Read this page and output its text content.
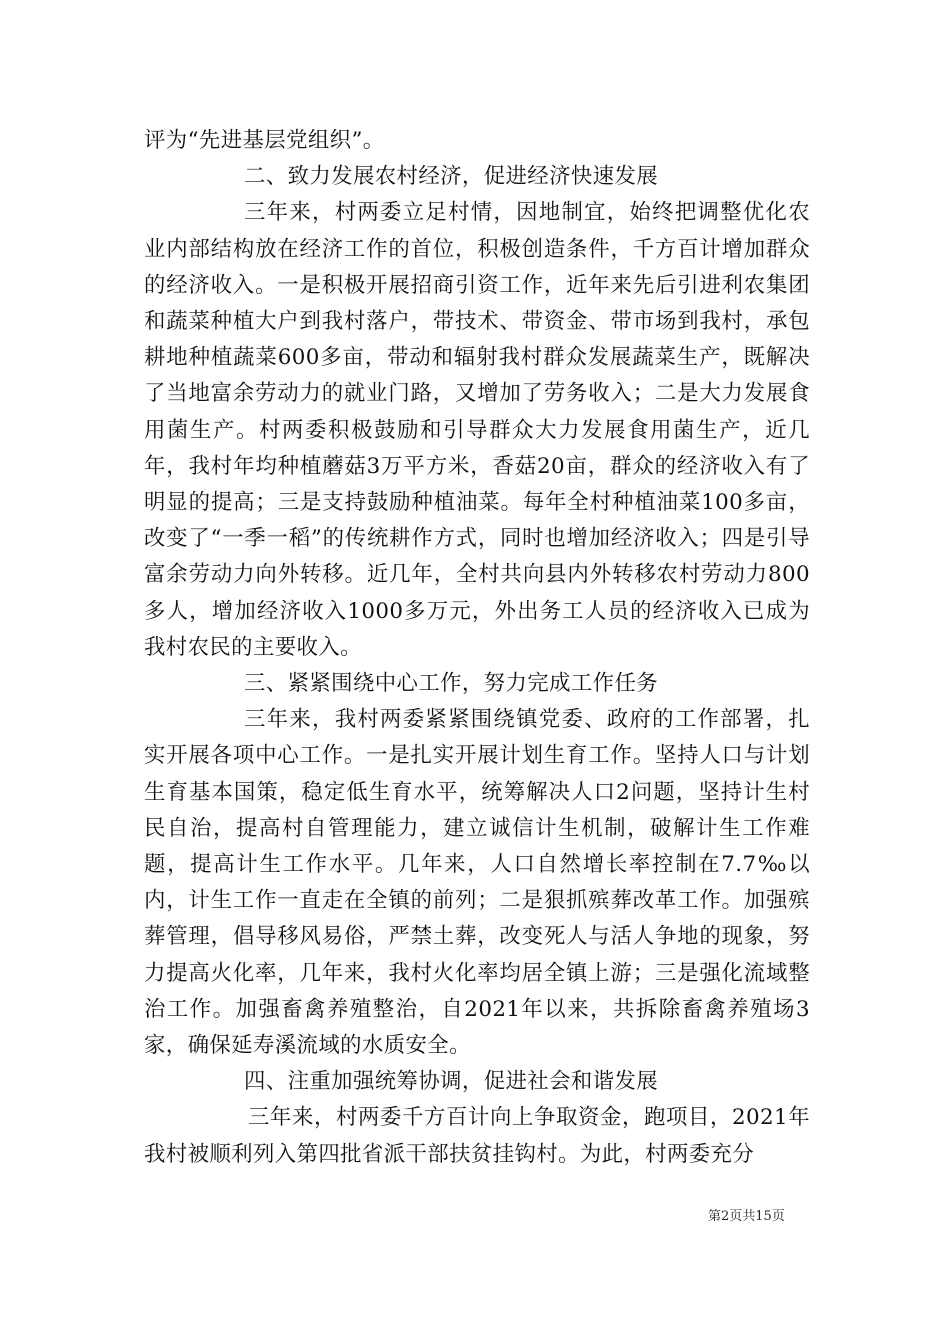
评为“先进基层党组织”。

二、致力发展农村经济，促进经济快速发展

三年来，村两委立足村情，因地制宜，始终把调整优化农业内部结构放在经济工作的首位，积极创造条件，千方百计增加群众的经济收入。一是积极开展招商引资工作，近年来先后引进利农集团和蔬菜种植大户到我村落户，带技术、带资金、带市场到我村，承包耕地种植蔬菜600多亩，带动和辐射我村群众发展蔬菜生产，既解决了当地富余劳动力的就业门路，又增加了劳务收入；二是大力发展食用菌生产。村两委积极鼓励和引导群众大力发展食用菌生产，近几年，我村年均种植蘑菇3万平方米，香菇20亩，群众的经济收入有了明显的提高；三是支持鼓励种植油菜。每年全村种植油菜100多亩，改变了“一季一稻”的传统耕作方式，同时也增加经济收入；四是引导富余劳动力向外转移。近几年，全村共向县内外转移农村劳动力800多人，增加经济收入1000多万元，外出务工人员的经济收入已成为我村农民的主要收入。

三、紧紧围绕中心工作，努力完成工作任务

三年来，我村两委紧紧围绕镇党委、政府的工作部署，扎实开展各项中心工作。一是扎实开展计划生育工作。坚持人口与计划生育基本国策，稳定低生育水平，统筹解决人口2问题，坚持计生村民自治，提高村自管理能力，建立诚信计生机制，破解计生工作难题，提高计生工作水平。几年来，人口自然增长率控制在7.7‰以内，计生工作一直走在全镇的前列；二是狠抓殡葬改革工作。加强殡葬管理，倡导移风易俗，严禁土葬，改变死人与活人争地的现象，努力提高火化率，几年来，我村火化率均居全镇上游；三是强化流域整治工作。加强畜禽养殖整治，自2021年以来，共拆除畜禽养殖场3家，确保延寿溪流域的水质安全。

四、注重加强统筹协调，促进社会和谐发展

三年来，村两委千方百计向上争取资金，跑项目，2021年我村被顺利列入第四批省派干部扶贫挂钩村。为此，村两委充分

第2页共15页
